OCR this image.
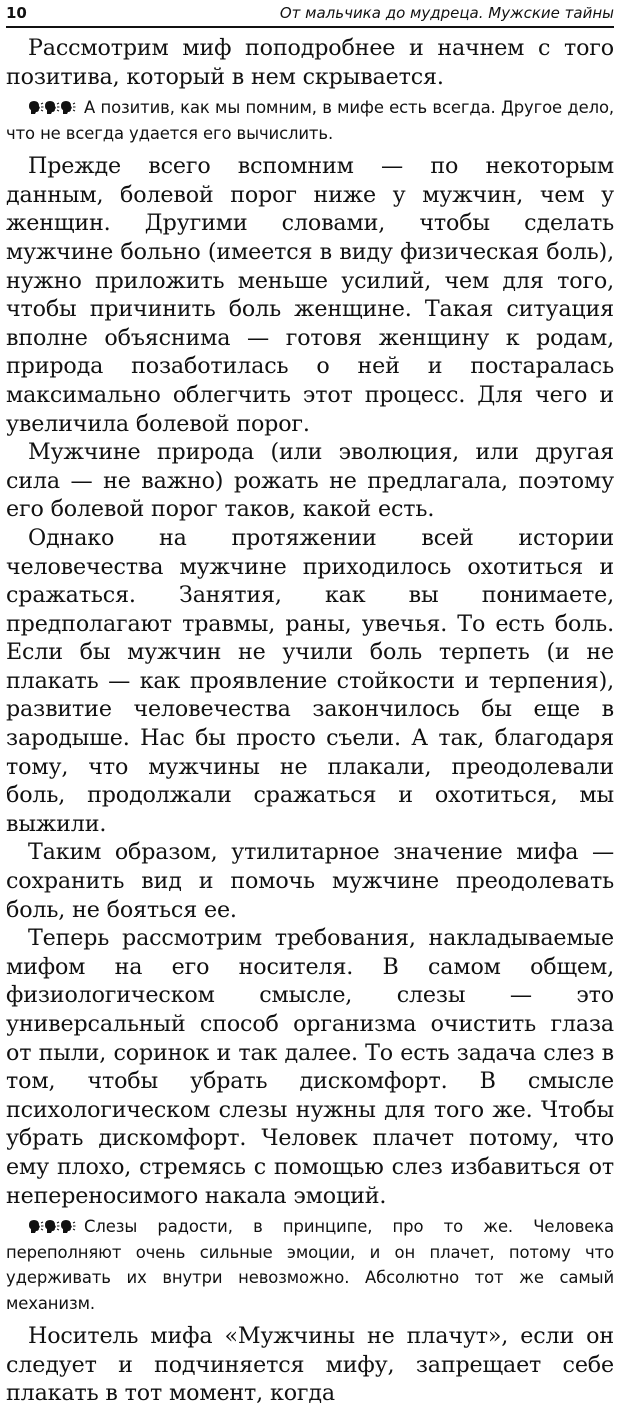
10	От мальчика до мудреца. Мужские тайны

Рассмотрим миф поподробнее и начнем с того позитива, который в нем скрывается.

А позитив, как мы помним, в мифе есть всегда. Другое дело, что не всегда удается его вычислить.

Прежде всего вспомним — по некоторым данным, болевой порог ниже у мужчин, чем у женщин. Другими словами, чтобы сделать мужчине больно (имеется в виду физическая боль), нужно приложить меньше усилий, чем для того, чтобы причинить боль женщине. Такая ситуация вполне объяснима — готовя женщину к родам, природа позаботилась о ней и постаралась максимально облегчить этот процесс. Для чего и увеличила болевой порог.

Мужчине природа (или эволюция, или другая сила — не важно) рожать не предлагала, поэтому его болевой порог таков, какой есть.

Однако на протяжении всей истории человечества мужчине приходилось охотиться и сражаться. Занятия, как вы понимаете, предполагают травмы, раны, увечья. То есть боль. Если бы мужчин не учили боль терпеть (и не плакать — как проявление стойкости и терпения), развитие человечества закончилось бы еще в зародыше. Нас бы просто съели. А так, благодаря тому, что мужчины не плакали, преодолевали боль, продолжали сражаться и охотиться, мы выжили.

Таким образом, утилитарное значение мифа — сохранить вид и помочь мужчине преодолевать боль, не бояться ее.

Теперь рассмотрим требования, накладываемые мифом на его носителя. В самом общем, физиологическом смысле, слезы — это универсальный способ организма очистить глаза от пыли, соринок и так далее. То есть задача слез в том, чтобы убрать дискомфорт. В смысле психологическом слезы нужны для того же. Чтобы убрать дискомфорт. Человек плачет потому, что ему плохо, стремясь с помощью слез избавиться от непереносимого накала эмоций.

Слезы радости, в принципе, про то же. Человека переполняют очень сильные эмоции, и он плачет, потому что удерживать их внутри невозможно. Абсолютно тот же самый механизм.

Носитель мифа «Мужчины не плачут», если он следует и подчиняется мифу, запрещает себе плакать в тот момент, когда
